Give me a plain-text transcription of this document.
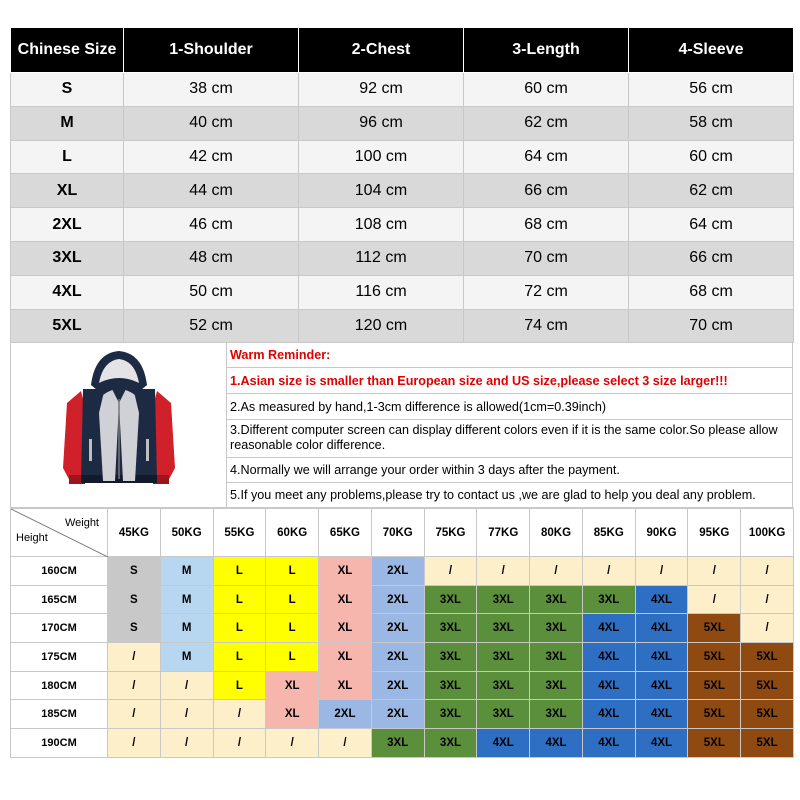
Chinese Size	1-Shoulder	2-Chest	3-Length	4-Sleeve
S	38 cm	92 cm	60 cm	56 cm
M	40 cm	96 cm	62 cm	58 cm
L	42 cm	100 cm	64 cm	60 cm
XL	44 cm	104 cm	66 cm	62 cm
2XL	46 cm	108 cm	68 cm	64 cm
3XL	48 cm	112 cm	70 cm	66 cm
4XL	50 cm	116 cm	72 cm	68 cm
5XL	52 cm	120 cm	74 cm	70 cm
Warm Reminder:
1.Asian size is smaller than European size and US size,please select 3 size larger!!!
2.As measured by hand,1-3cm difference is allowed(1cm=0.39inch)
3.Different computer screen can display different colors even if it is the same color.So please allow reasonable color difference.
4.Normally we will arrange your order within 3 days after the payment.
5.If you meet any problems,please try to contact us ,we are glad to help you deal any problem.
Weight
Height	45KG	50KG	55KG	60KG	65KG	70KG	75KG	77KG	80KG	85KG	90KG	95KG	100KG
160CM	S	M	L	L	XL	2XL	/	/	/	/	/	/	/
165CM	S	M	L	L	XL	2XL	3XL	3XL	3XL	3XL	4XL	/	/
170CM	S	M	L	L	XL	2XL	3XL	3XL	3XL	4XL	4XL	5XL	/
175CM	/	M	L	L	XL	2XL	3XL	3XL	3XL	4XL	4XL	5XL	5XL
180CM	/	/	L	XL	XL	2XL	3XL	3XL	3XL	4XL	4XL	5XL	5XL
185CM	/	/	/	XL	2XL	2XL	3XL	3XL	3XL	4XL	4XL	5XL	5XL
190CM	/	/	/	/	/	3XL	3XL	4XL	4XL	4XL	4XL	5XL	5XL
